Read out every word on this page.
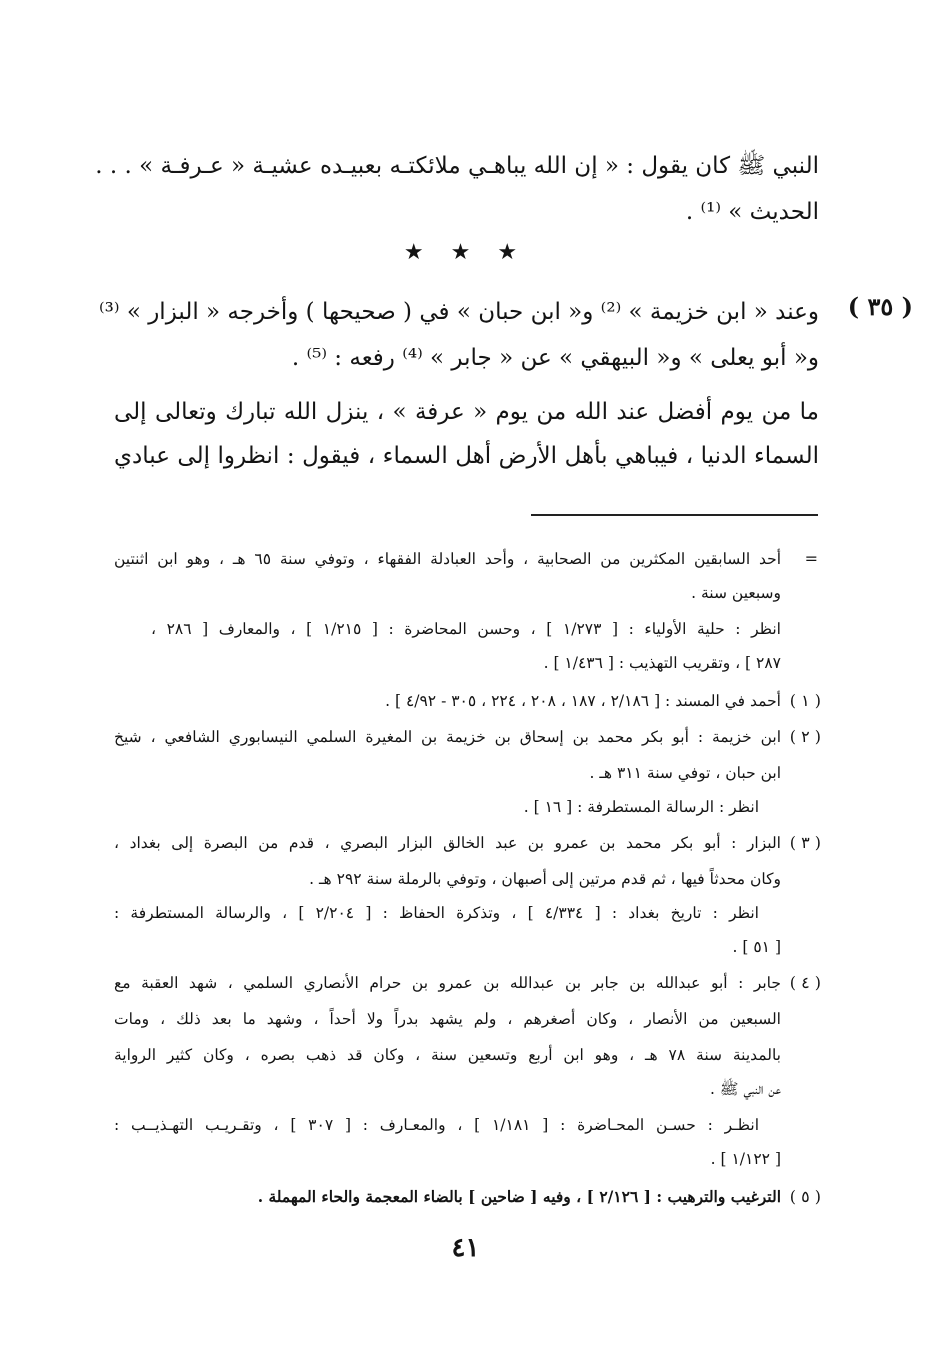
النبي ﷺ كان يقول : « إن الله يباهـي ملائكتـه بعبيـده عشيـة « عـرفـة » . . .
الحديث » ⁽¹⁾ .
★ ★ ★
( ٣٥ )
وعند « ابن خزيمة » ⁽²⁾ و« ابن حبان » في ( صحيحها ) وأخرجه « البزار » ⁽³⁾
و« أبو يعلى » و« البيهقي » عن « جابر » ⁽⁴⁾ رفعه : ⁽⁵⁾ .
ما من يوم أفضل عند الله من يوم « عرفة » ، ينزل الله تبارك وتعالى إلى
السماء الدنيا ، فيباهي بأهل الأرض أهل السماء ، فيقول : انظروا إلى عبادي
=
أحد السابقين المكثرين من الصحابية ، وأحد العبادلة الفقهاء ، وتوفي سنة ٦٥ هـ ، وهو ابن اثنتين
وسبعين سنة .
انظر : حلية الأولياء : [ ١/٢٧٣ ] ، وحسن المحاضرة : [ ١/٢١٥ ] ، والمعارف [ ٢٨٦ ،
٢٨٧ ] ، وتقريب التهذيب : [ ١/٤٣٦ ] .
( ١ )
أحمد في المسند : [ ٢/١٨٦ ، ١٨٧ ، ٢٠٨ ، ٢٢٤ ، ٣٠٥ - ٤/٩٢ ] .
( ٢ )
ابن خزيمة : أبو بكر محمد بن إسحاق بن خزيمة بن المغيرة السلمي النيسابوري الشافعي ، شيخ
ابن حبان ، توفي سنة ٣١١ هـ .
انظر : الرسالة المستطرفة : [ ١٦ ] .
( ٣ )
البزار : أبو بكر محمد بن عمرو بن عبد الخالق البزار البصري ، قدم من البصرة إلى بغداد ،
وكان محدثاً فيها ، ثم قدم مرتين إلى أصبهان ، وتوفي بالرملة سنة ٢٩٢ هـ .
انظر : تاريخ بغداد : [ ٤/٣٣٤ ] ، وتذكرة الحفاظ : [ ٢/٢٠٤ ] ، والرسالة المستطرفة :
[ ٥١ ] .
( ٤ )
جابر : أبو عبدالله بن جابر بن عبدالله بن عمرو بن حرام الأنصاري السلمي ، شهد العقبة مع
السبعين من الأنصار ، وكان أصغرهم ، ولم يشهد بدراً ولا أحداً ، وشهد ما بعد ذلك ، ومات
بالمدينة سنة ٧٨ هـ ، وهو ابن أربع وتسعين سنة ، وكان قد ذهب بصره ، وكان كثير الرواية
عن النبي ﷺ .
انظـر : حسـن المحـاضرة : [ ١/١٨١ ] ، والمعـارف : [ ٣٠٧ ] ، وتقـريـب التهـذيــب :
[ ١/١٢٢ ] .
( ٥ )
الترغيب والترهيب : [ ٢/١٢٦ ] ، وفيه [ ضاحين ] بالضاء المعجمة والحاء المهملة .
٤١
